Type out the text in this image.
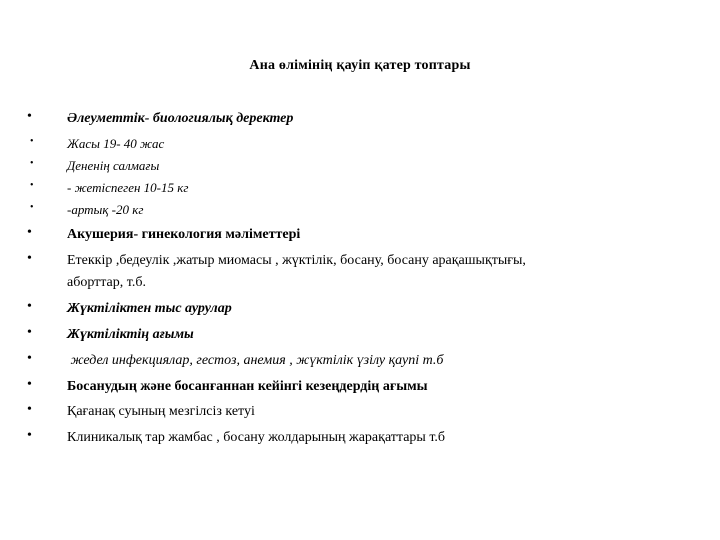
Ана өлімінің қауіп қатер топтары
•	Әлеуметтік- биологиялық деректер
•	Жасы 19- 40 жас
•	Дененің салмағы
•	- жетіспеген 10-15 кг
•	-артық -20 кг
•	Акушерия- гинекология мәліметтері
•	Етеккір ,бедеулік ,жатыр миомасы , жүктілік, босану, босану арақашықтығы,
аборттар, т.б.
•	Жүктіліктен тыс аурулар
•	Жүктіліктің ағымы
•	жедел инфекциялар, гестоз, анемия , жүктілік үзілу қаупі т.б
•	Босанудың және босанғаннан кейінгі кезеңдердің ағымы
•	Қағанақ суының мезгілсіз кетуі
•	Клиникалық тар жамбас , босану жолдарының жарақаттары т.б
